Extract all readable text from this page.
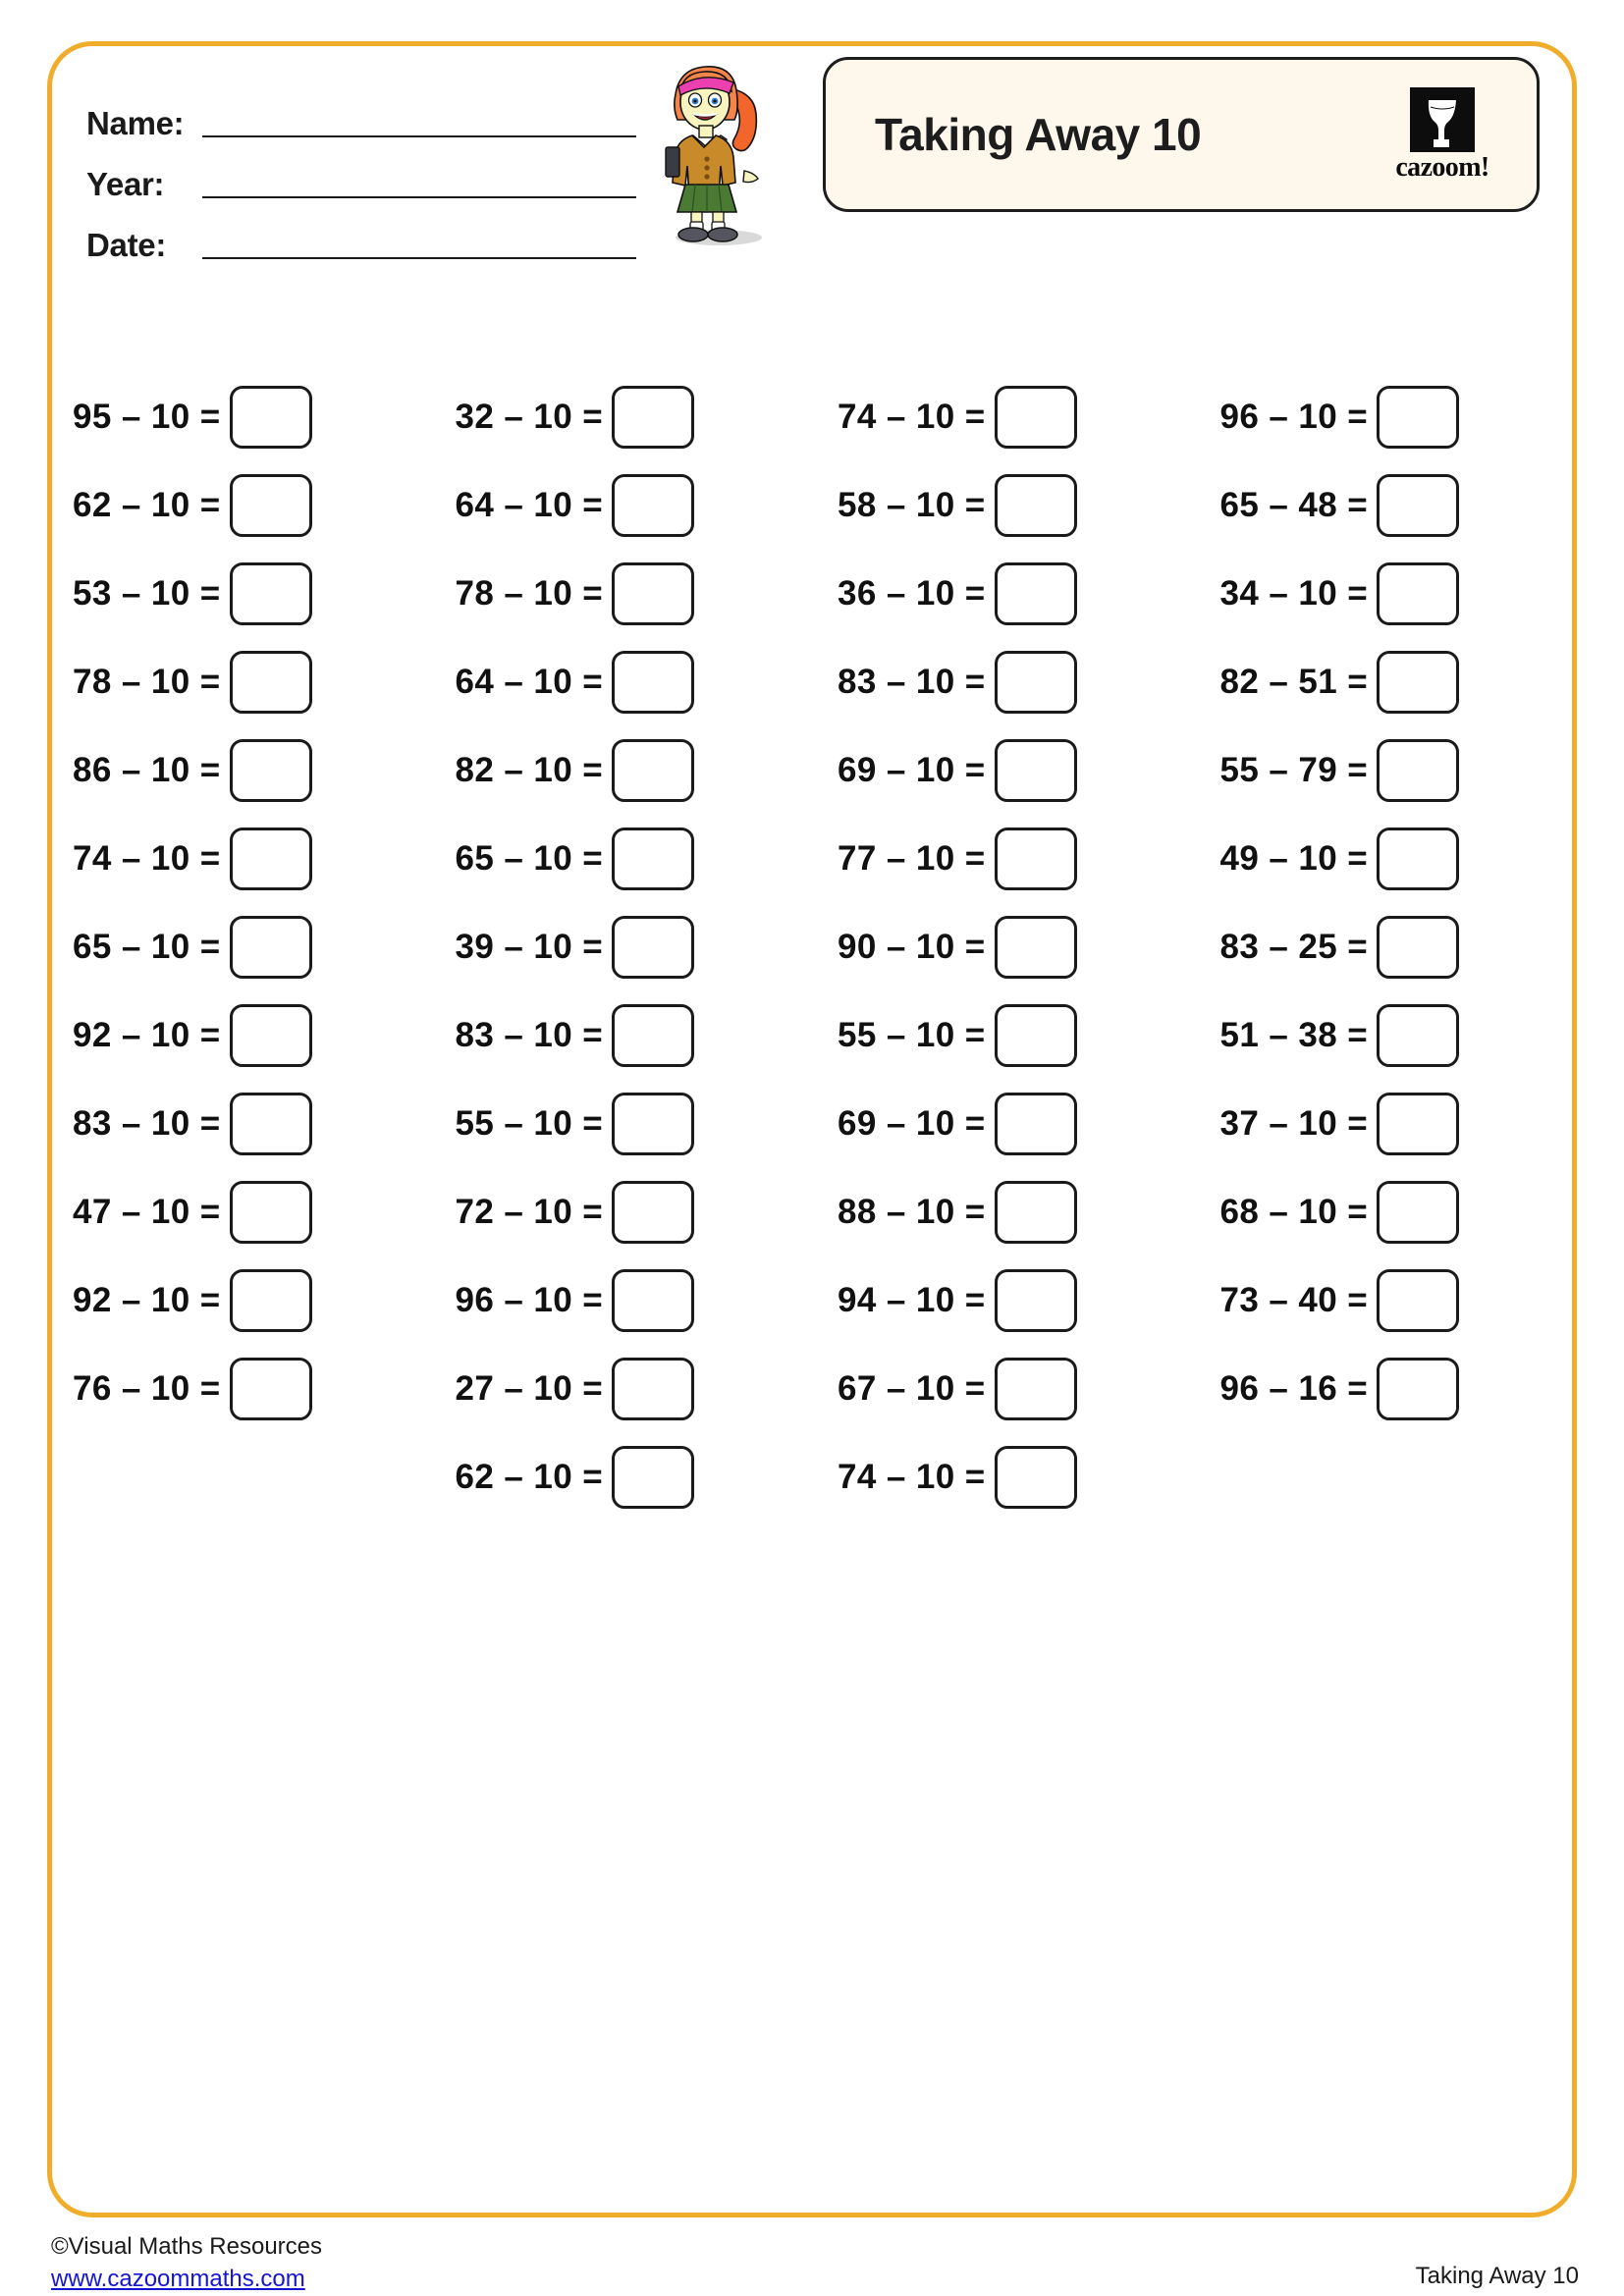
Name:
Year:
Date:
Taking Away 10
cazoom!
95 – 10 =	32 – 10 =	74 – 10 =	96 – 10 =
62 – 10 =	64 – 10 =	58 – 10 =	65 – 48 =
53 – 10 =	78 – 10 =	36 – 10 =	34 – 10 =
78 – 10 =	64 – 10 =	83 – 10 =	82 – 51 =
86 – 10 =	82 – 10 =	69 – 10 =	55 – 79 =
74 – 10 =	65 – 10 =	77 – 10 =	49 – 10 =
65 – 10 =	39 – 10 =	90 – 10 =	83 – 25 =
92 – 10 =	83 – 10 =	55 – 10 =	51 – 38 =
83 – 10 =	55 – 10 =	69 – 10 =	37 – 10 =
47 – 10 =	72 – 10 =	88 – 10 =	68 – 10 =
92 – 10 =	96 – 10 =	94 – 10 =	73 – 40 =
76 – 10 =	27 – 10 =	67 – 10 =	96 – 16 =
62 – 10 =	74 – 10 =
©Visual Maths Resources
www.cazoommaths.com	Taking Away 10
